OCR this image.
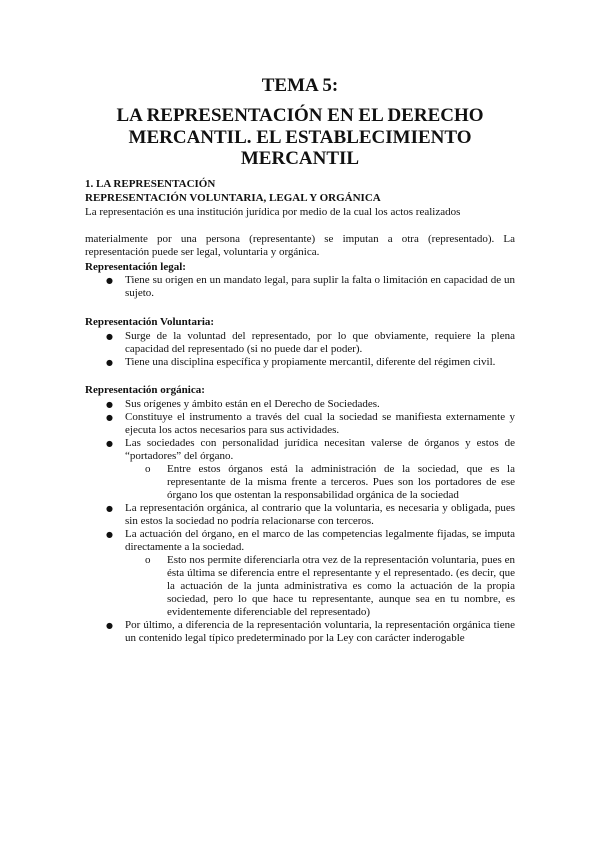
TEMA 5:
LA REPRESENTACIÓN EN EL DERECHO
MERCANTIL. EL ESTABLECIMIENTO
MERCANTIL
1. LA REPRESENTACIÓN
REPRESENTACIÓN VOLUNTARIA, LEGAL Y ORGÁNICA
La representación es una institución jurídica por medio de la cual los actos realizados
materialmente por una persona (representante) se imputan a otra (representado). La representación puede ser legal, voluntaria y orgánica.
Representación legal:
● Tiene su origen en un mandato legal, para suplir la falta o limitación en capacidad de un sujeto.
Representación Voluntaria:
● Surge de la voluntad del representado, por lo que obviamente, requiere la plena capacidad del representado (si no puede dar el poder).
● Tiene una disciplina específica y propiamente mercantil, diferente del régimen civil.
Representación orgánica:
● Sus orígenes y ámbito están en el Derecho de Sociedades.
● Constituye el instrumento a través del cual la sociedad se manifiesta externamente y ejecuta los actos necesarios para sus actividades.
● Las sociedades con personalidad jurídica necesitan valerse de órganos y estos de “portadores” del órgano.
o Entre estos órganos está la administración de la sociedad, que es la representante de la misma frente a terceros. Pues son los portadores de ese órgano los que ostentan la responsabilidad orgánica de la sociedad
● La representación orgánica, al contrario que la voluntaria, es necesaria y obligada, pues sin estos la sociedad no podría relacionarse con terceros.
● La actuación del órgano, en el marco de las competencias legalmente fijadas, se imputa directamente a la sociedad.
o Esto nos permite diferenciarla otra vez de la representación voluntaria, pues en ésta última se diferencia entre el representante y el representado. (es decir, que la actuación de la junta administrativa es como la actuación de la propia sociedad, pero lo que hace tu representante, aunque sea en tu nombre, es evidentemente diferenciable del representado)
● Por último, a diferencia de la representación voluntaria, la representación orgánica tiene un contenido legal típico predeterminado por la Ley con carácter inderogable
